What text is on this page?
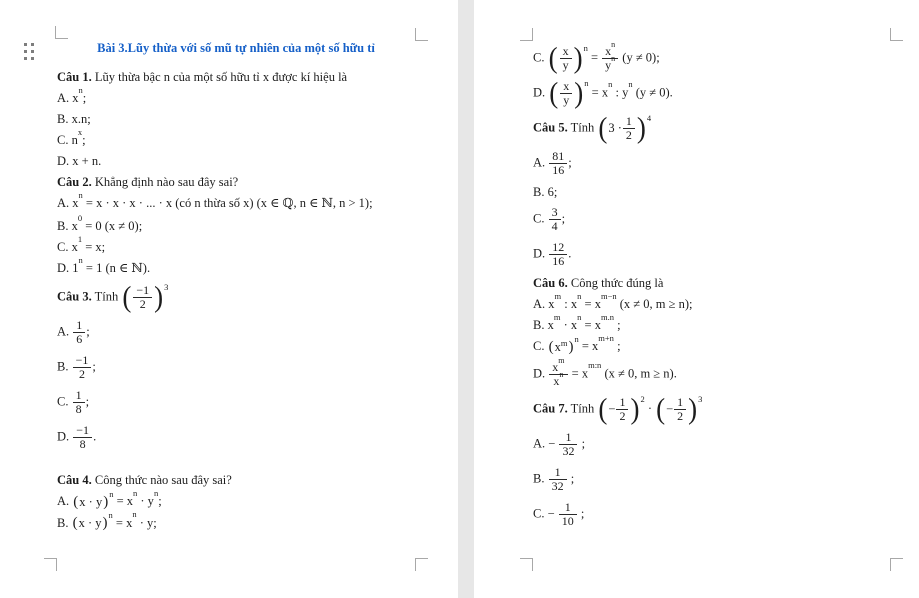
Bài 3.Lũy thừa với số mũ tự nhiên của một số hữu tỉ
Câu 1. Lũy thừa bậc n của một số hữu tỉ x được kí hiệu là
A. $x^n$;
B. x.n;
C. $n^x$;
D. x + n.
Câu 2. Khẳng định nào sau đây sai?
A. $x^n = x \cdot x \cdot x$ · ... · x (có n thừa số x) (x ∈ ℚ, n ∈ ℕ, n > 1);
B. $x^0 = 0$ (x ≠ 0);
C. $x^1 = x$;
D. $1^n = 1$ (n ∈ ℕ).
Câu 3. Tính ( $\frac{-1}{2} )^3$
A. $\frac{1}{6}$ ;
B. $\frac{-1}{2}$ ;
C. $\frac{1}{8}$ ;
D. $\frac{-1}{8}$ .
Câu 4. Công thức nào sau đây sai?
A. ( x · y )$^n$
= $x^n \cdot y^n$;
B. ( x · y )$^n$
= $x^n \cdot y$;
C. ( $\frac{x}{y} )^n$
= $\frac{x^n}{y^n} (y \ne 0)$;
D. ( $\frac{x}{y} )^n$
= $x^n$ : $y^n$ (y ≠ 0).
Câu 5. Tính ( $3 \cdot \frac{1}{2} )^4$
A. $\frac{81}{16}$ ;
B. 6;
C. $\frac{3}{4}$ ;
D. $\frac{12}{16}$ .
Câu 6. Công thức đúng là
A. $x^m$ : $x^n = x^{m-n}$ (x ≠ 0, m ≥ n);
B. $x^m \cdot x^n = x^{m.n}$ ;
C. ( $x^m$ )$^n$
= $x^{m+n}$ ;
D. $\frac{x^m}{x^n} = x^{m:n}$ (x ≠ 0, m ≥ n).
Câu 7. Tính ( − $\frac{1}{2} )^2$
· ( − $\frac{1}{2} )^3$
A. − $\frac{1}{32}$ ;
B. $\frac{1}{32}$ ;
C. − $\frac{1}{10}$ ;
